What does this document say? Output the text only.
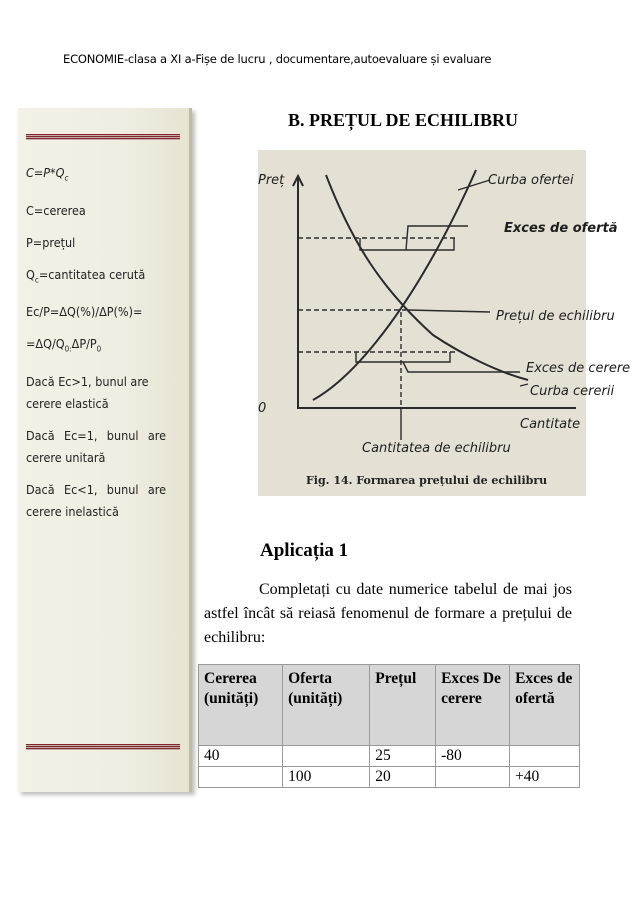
ECONOMIE-clasa a XI a-Fișe de lucru , documentare,autoevaluare și evaluare
$C=P*Q_c$
C=cererea
P=prețul
$Q_c=cantitatea$ cerută
Ec/P=ΔQ(%)/ΔP(%)=
$=\Delta Q/Q_{0:}\Delta P/P_0$
Dacă Ec>1, bunul are cerere elastică
Dacă Ec=1, bunul are cerere unitară
Dacă Ec<1, bunul are cerere inelastică
B. PREȚUL DE ECHILIBRU
Preț	Curba ofertei
Exces de ofertă
Prețul de echilibru
Exces de cerere
Curba cererii
0
Cantitate
Cantitatea de echilibru
Fig. 14. Formarea prețului de echilibru
Aplicația 1
Completați cu date numerice tabelul de mai jos astfel încât să reiasă fenomenul de formare a prețului de echilibru:
Cererea (unități)	Oferta (unități)	Prețul	Exces De cerere	Exces de ofertă
40		25	-80	
	100	20		+40
